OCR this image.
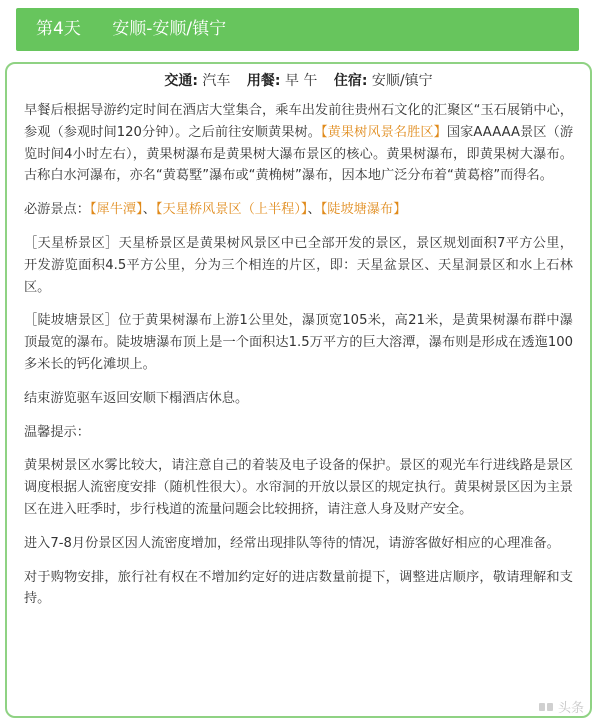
第4天 安顺-安顺/镇宁
交通: 汽车 用餐: 早 午 住宿: 安顺/镇宁

早餐后根据导游约定时间在酒店大堂集合，乘车出发前往贵州石文化的汇聚区“玉石展销中心，参观（参观时间120分钟）。之后前往安顺黄果树。【黄果树风景名胜区】国家AAAAA景区（游览时间4小时左右），黄果树瀑布是黄果树大瀑布景区的核心。黄果树瀑布，即黄果树大瀑布。古称白水河瀑布，亦名“黄葛墅”瀑布或“黄桷树”瀑布，因本地广泛分布着“黄葛榕”而得名。

必游景点：【犀牛潭】、【天星桥风景区（上半程）】、【陡坡塘瀑布】

［天星桥景区］天星桥景区是黄果树风景区中已全部开发的景区，景区规划面积7平方公里，开发游览面积4.5平方公里，分为三个相连的片区，即：天星盆景区、天星洞景区和水上石林区。

［陡坡塘景区］位于黄果树瀑布上游1公里处，瀑顶宽105米，高21米，是黄果树瀑布群中瀑顶最宽的瀑布。陡坡塘瀑布顶上是一个面积达1.5万平方的巨大溶潭，瀑布则是形成在透迤100多米长的钙化滩坝上。

结束游览驱车返回安顺下榻酒店休息。

温馨提示：

黄果树景区水雾比较大，请注意自己的着装及电子设备的保护。景区的观光车行进线路是景区调度根据人流密度安排（随机性很大）。水帘洞的开放以景区的规定执行。黄果树景区因为主景区在进入旺季时，步行栈道的流量问题会比较拥挤，请注意人身及财产安全。

进入7-8月份景区因人流密度增加，经常出现排队等待的情况，请游客做好相应的心理准备。

对于购物安排，旅行社有权在不增加约定好的进店数量前提下，调整进店顺序，敬请理解和支持。

头条
